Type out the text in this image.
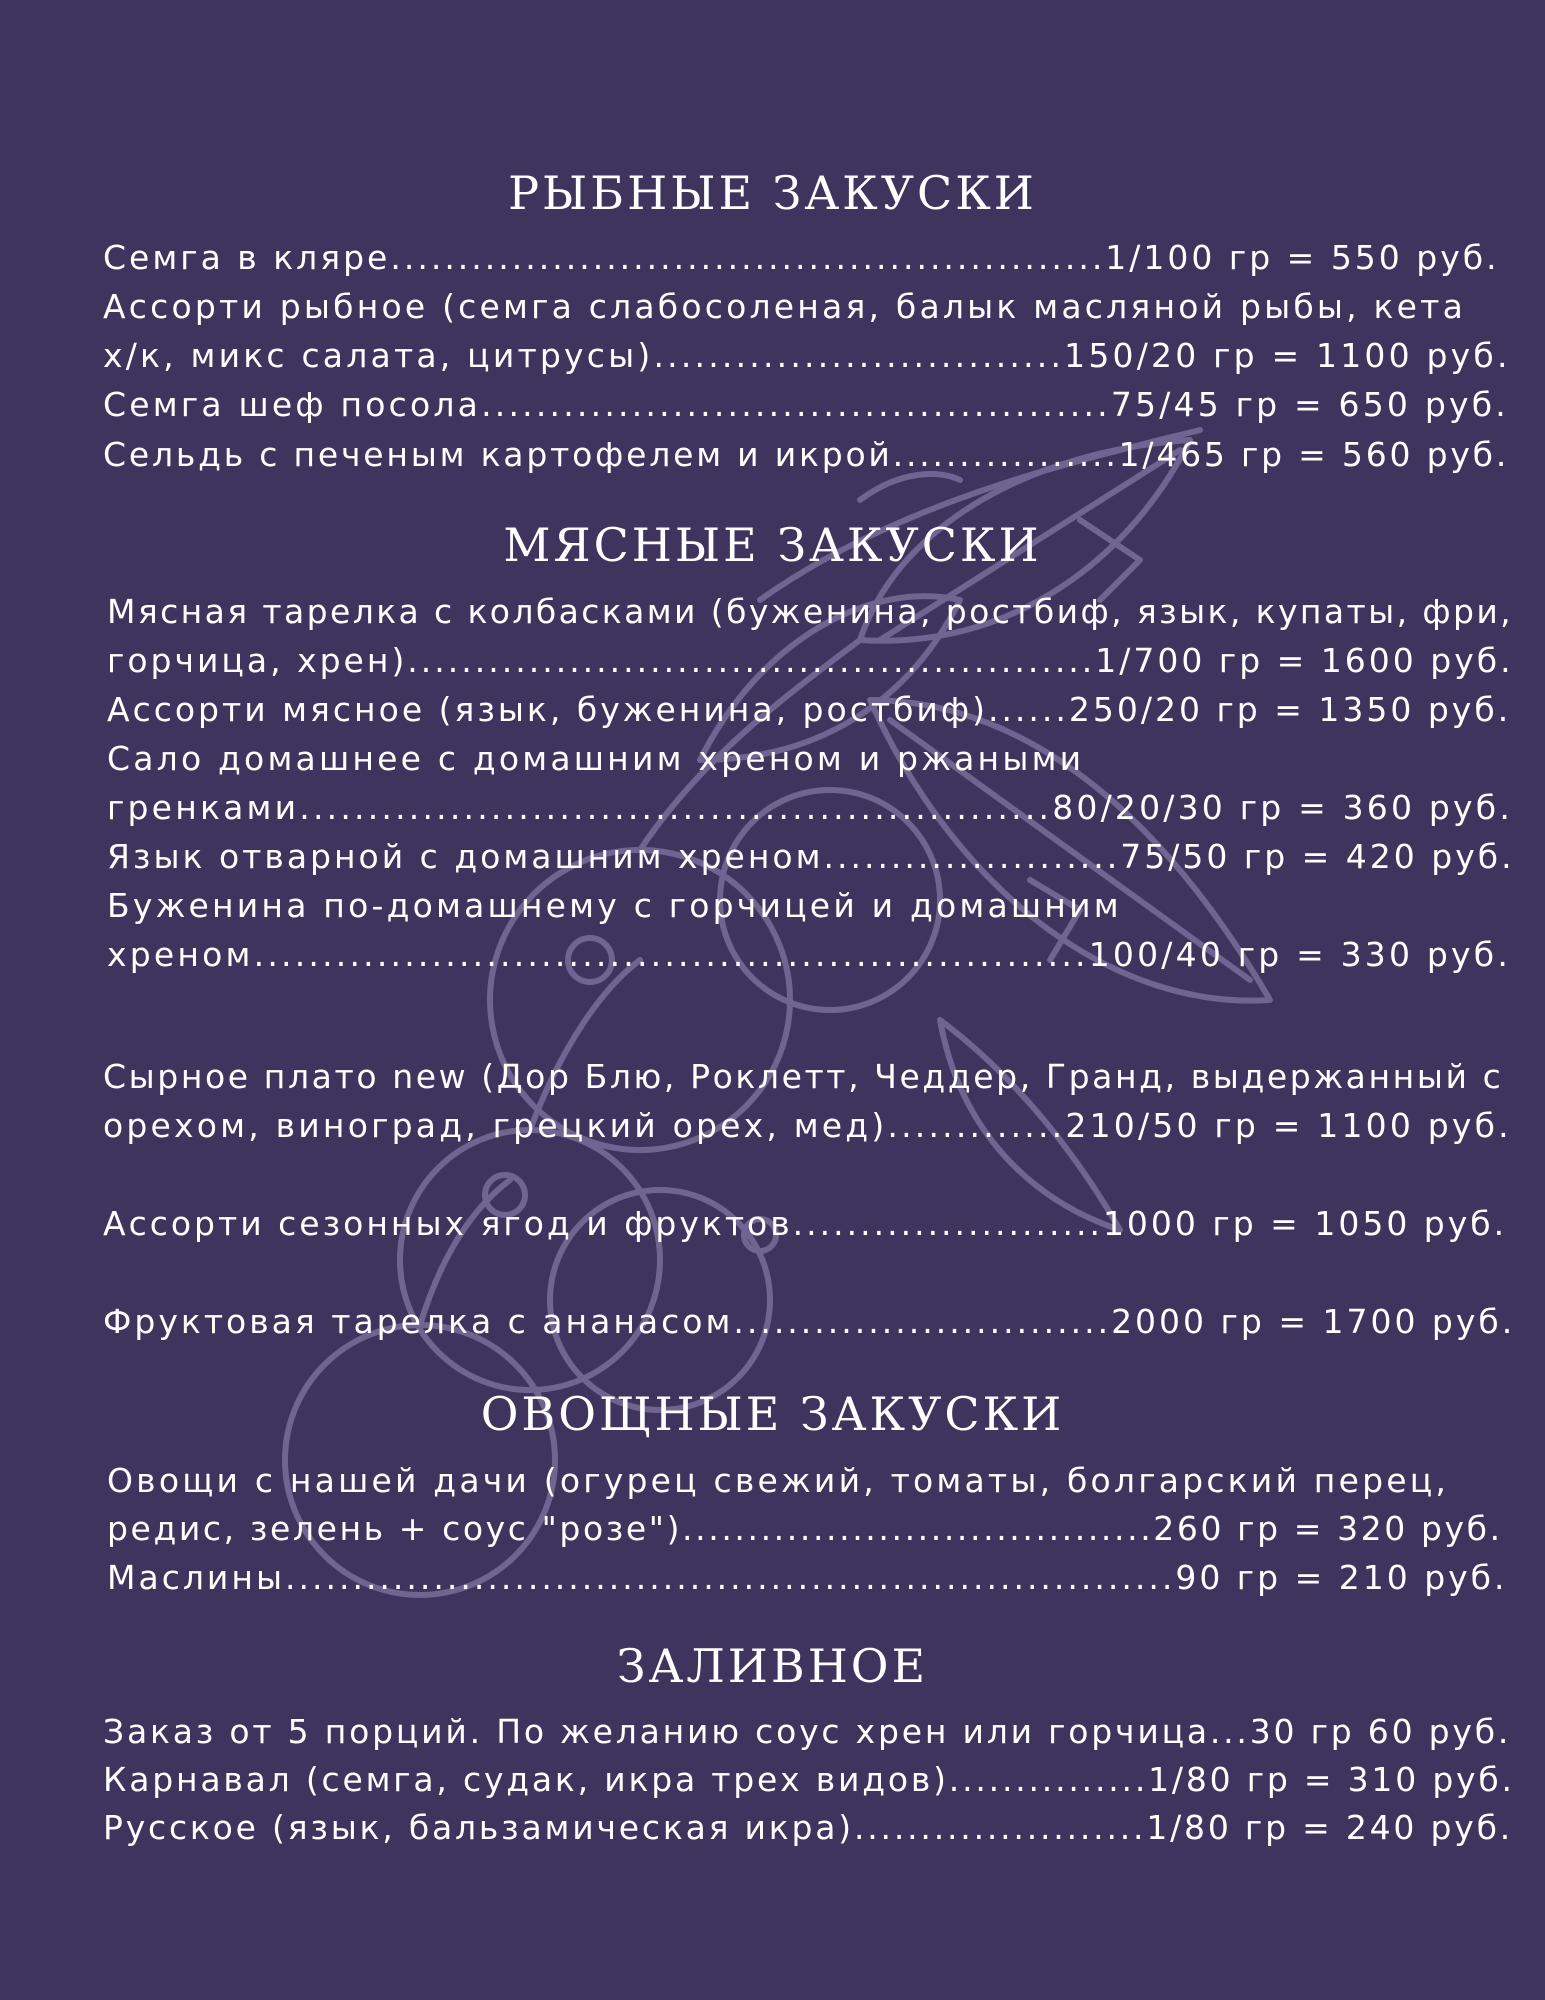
РЫБНЫЕ ЗАКУСКИ
Семга в кляре.....................................................1/100 гр = 550 руб.
Ассорти рыбное (семга слабосоленая, балык масляной рыбы, кета
х/к, микс салата, цитрусы)..............................150/20 гр = 1100 руб.
Семга шеф посола..............................................75/45 гр = 650 руб.
Сельдь с печеным картофелем и икрой.................1/465 гр = 560 руб.
МЯСНЫЕ ЗАКУСКИ
Мясная тарелка с колбасками (буженина, ростбиф, язык, купаты, фри,
горчица, хрен)...................................................1/700 гр = 1600 руб.
Ассорти мясное (язык, буженина, ростбиф)......250/20 гр = 1350 руб.
Сало домашнее с домашним хреном и ржаными
гренками.......................................................80/20/30 гр = 360 руб.
Язык отварной с домашним хреном......................75/50 гр = 420 руб.
Буженина по-домашнему с горчицей и домашним
хреном.............................................................100/40 гр = 330 руб.
Сырное плато new (Дор Блю, Роклетт, Чеддер, Гранд, выдержанный с
орехом, виноград, грецкий орех, мед).............210/50 гр = 1100 руб.
Ассорти сезонных ягод и фруктов.......................1000 гр = 1050 руб.
Фруктовая тарелка с ананасом............................2000 гр = 1700 руб.
ОВОЩНЫЕ ЗАКУСКИ
Овощи с нашей дачи (огурец свежий, томаты, болгарский перец,
редис, зелень + соус "розе")....................................260 гр = 320 руб.
Маслины..................................................................90 гр = 210 руб.
ЗАЛИВНОЕ
Заказ от 5 порций. По желанию соус хрен или горчица...30 гр 60 руб.
Карнавал (семга, судак, икра трех видов)...............1/80 гр = 310 руб.
Русское (язык, бальзамическая икра)......................1/80 гр = 240 руб.
